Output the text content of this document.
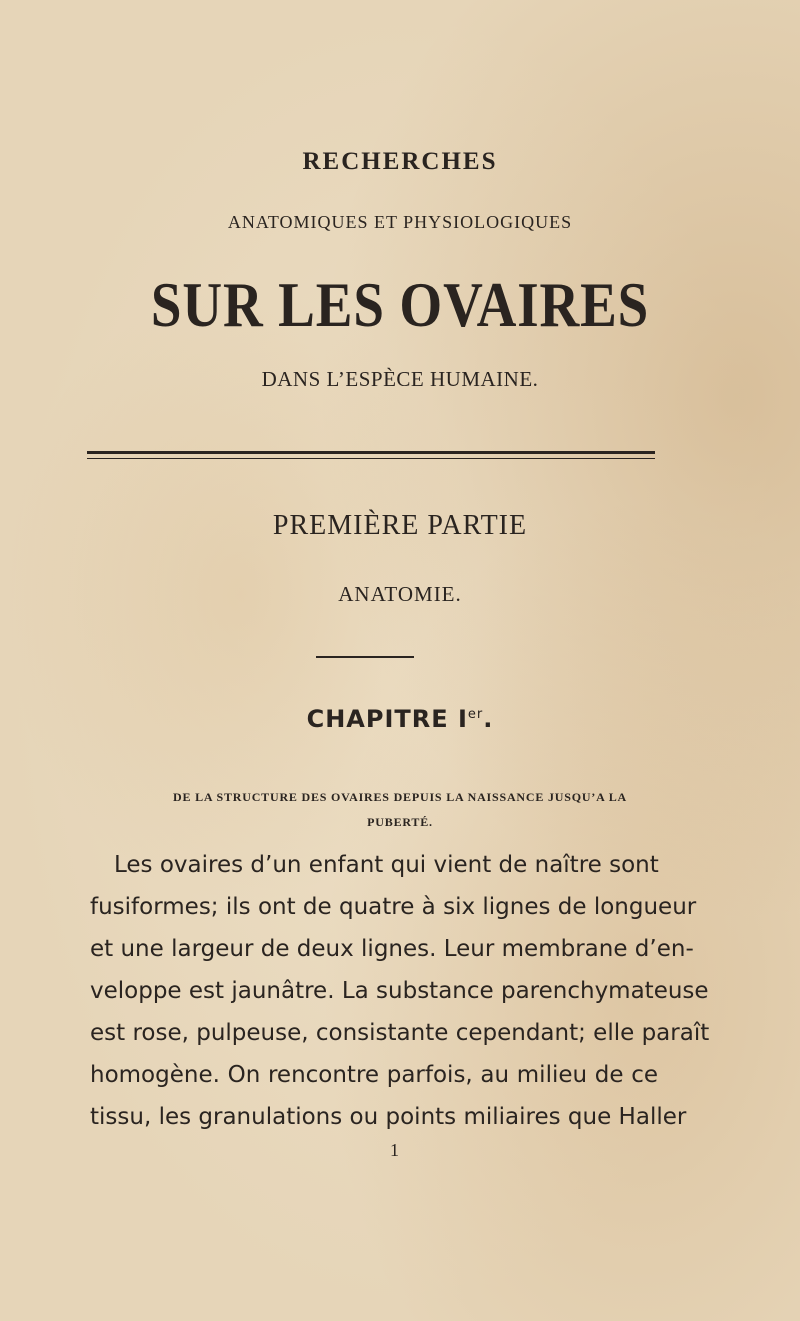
RECHERCHES
ANATOMIQUES ET PHYSIOLOGIQUES
SUR LES OVAIRES
DANS L’ESPÈCE HUMAINE.
PREMIÈRE PARTIE
ANATOMIE.
CHAPITRE Ier.
DE LA STRUCTURE DES OVAIRES DEPUIS LA NAISSANCE JUSQU’A LA
PUBERTÉ.
Les ovaires d’un enfant qui vient de naître sont
fusiformes; ils ont de quatre à six lignes de longueur
et une largeur de deux lignes. Leur membrane d’en-
veloppe est jaunâtre. La substance parenchymateuse
est rose, pulpeuse, consistante cependant; elle paraît
homogène. On rencontre parfois, au milieu de ce
tissu, les granulations ou points miliaires que Haller
1
